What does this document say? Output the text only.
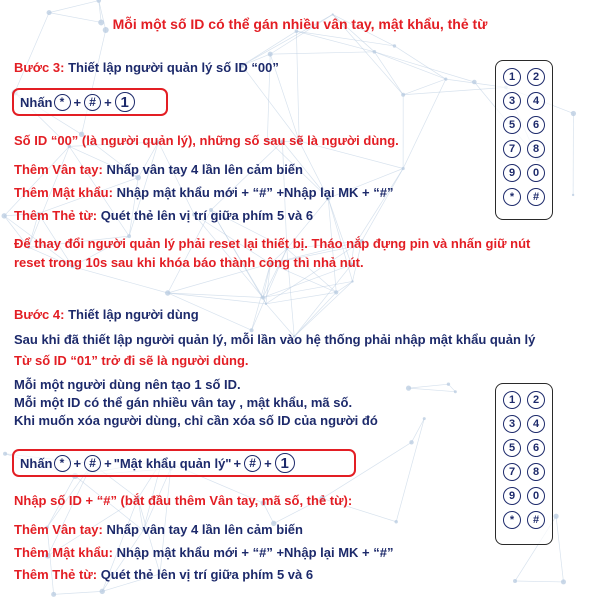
Mỗi một số ID có thể gán nhiều vân tay, mật khẩu, thẻ từ
Bước 3: Thiết lập người quản lý số ID “00”
Nhấn * + # + 1
Số ID “00” (là người quản lý), những số sau sẽ là người dùng.
Thêm Vân tay: Nhấp vân tay 4 lần lên cảm biến
Thêm Mật khẩu: Nhập mật khẩu mới + “#” +Nhập lại MK + “#”
Thêm Thẻ từ: Quét thẻ lên vị trí giữa phím 5 và 6
Để thay đổi người quản lý phải reset lại thiết bị. Tháo nắp đựng pin và nhấn giữ nút
reset trong 10s sau khi khóa báo thành công thì nhả nút.
Bước 4: Thiết lập người dùng
Sau khi đã thiết lập người quản lý, mỗi lần vào hệ thống phải nhập mật khẩu quản lý
Từ số ID “01” trở đi sẽ là người dùng.
Mỗi một người dùng nên tạo 1 số ID.
Mỗi một ID có thể gán nhiều vân tay , mật khẩu, mã số.
Khi muốn xóa người dùng, chỉ cần xóa số ID của người đó
Nhấn * + # + "Mật khẩu quản lý" + # + 1
Nhập số ID + “#” (bắt đầu thêm Vân tay, mã số, thẻ từ):
Thêm Vân tay: Nhấp vân tay 4 lần lên cảm biến
Thêm Mật khẩu: Nhập mật khẩu mới + “#” +Nhập lại MK + “#”
Thêm Thẻ từ: Quét thẻ lên vị trí giữa phím 5 và 6
1	2
3	4
5	6
7	8
9	0
*	#
1	2
3	4
5	6
7	8
9	0
*	#
